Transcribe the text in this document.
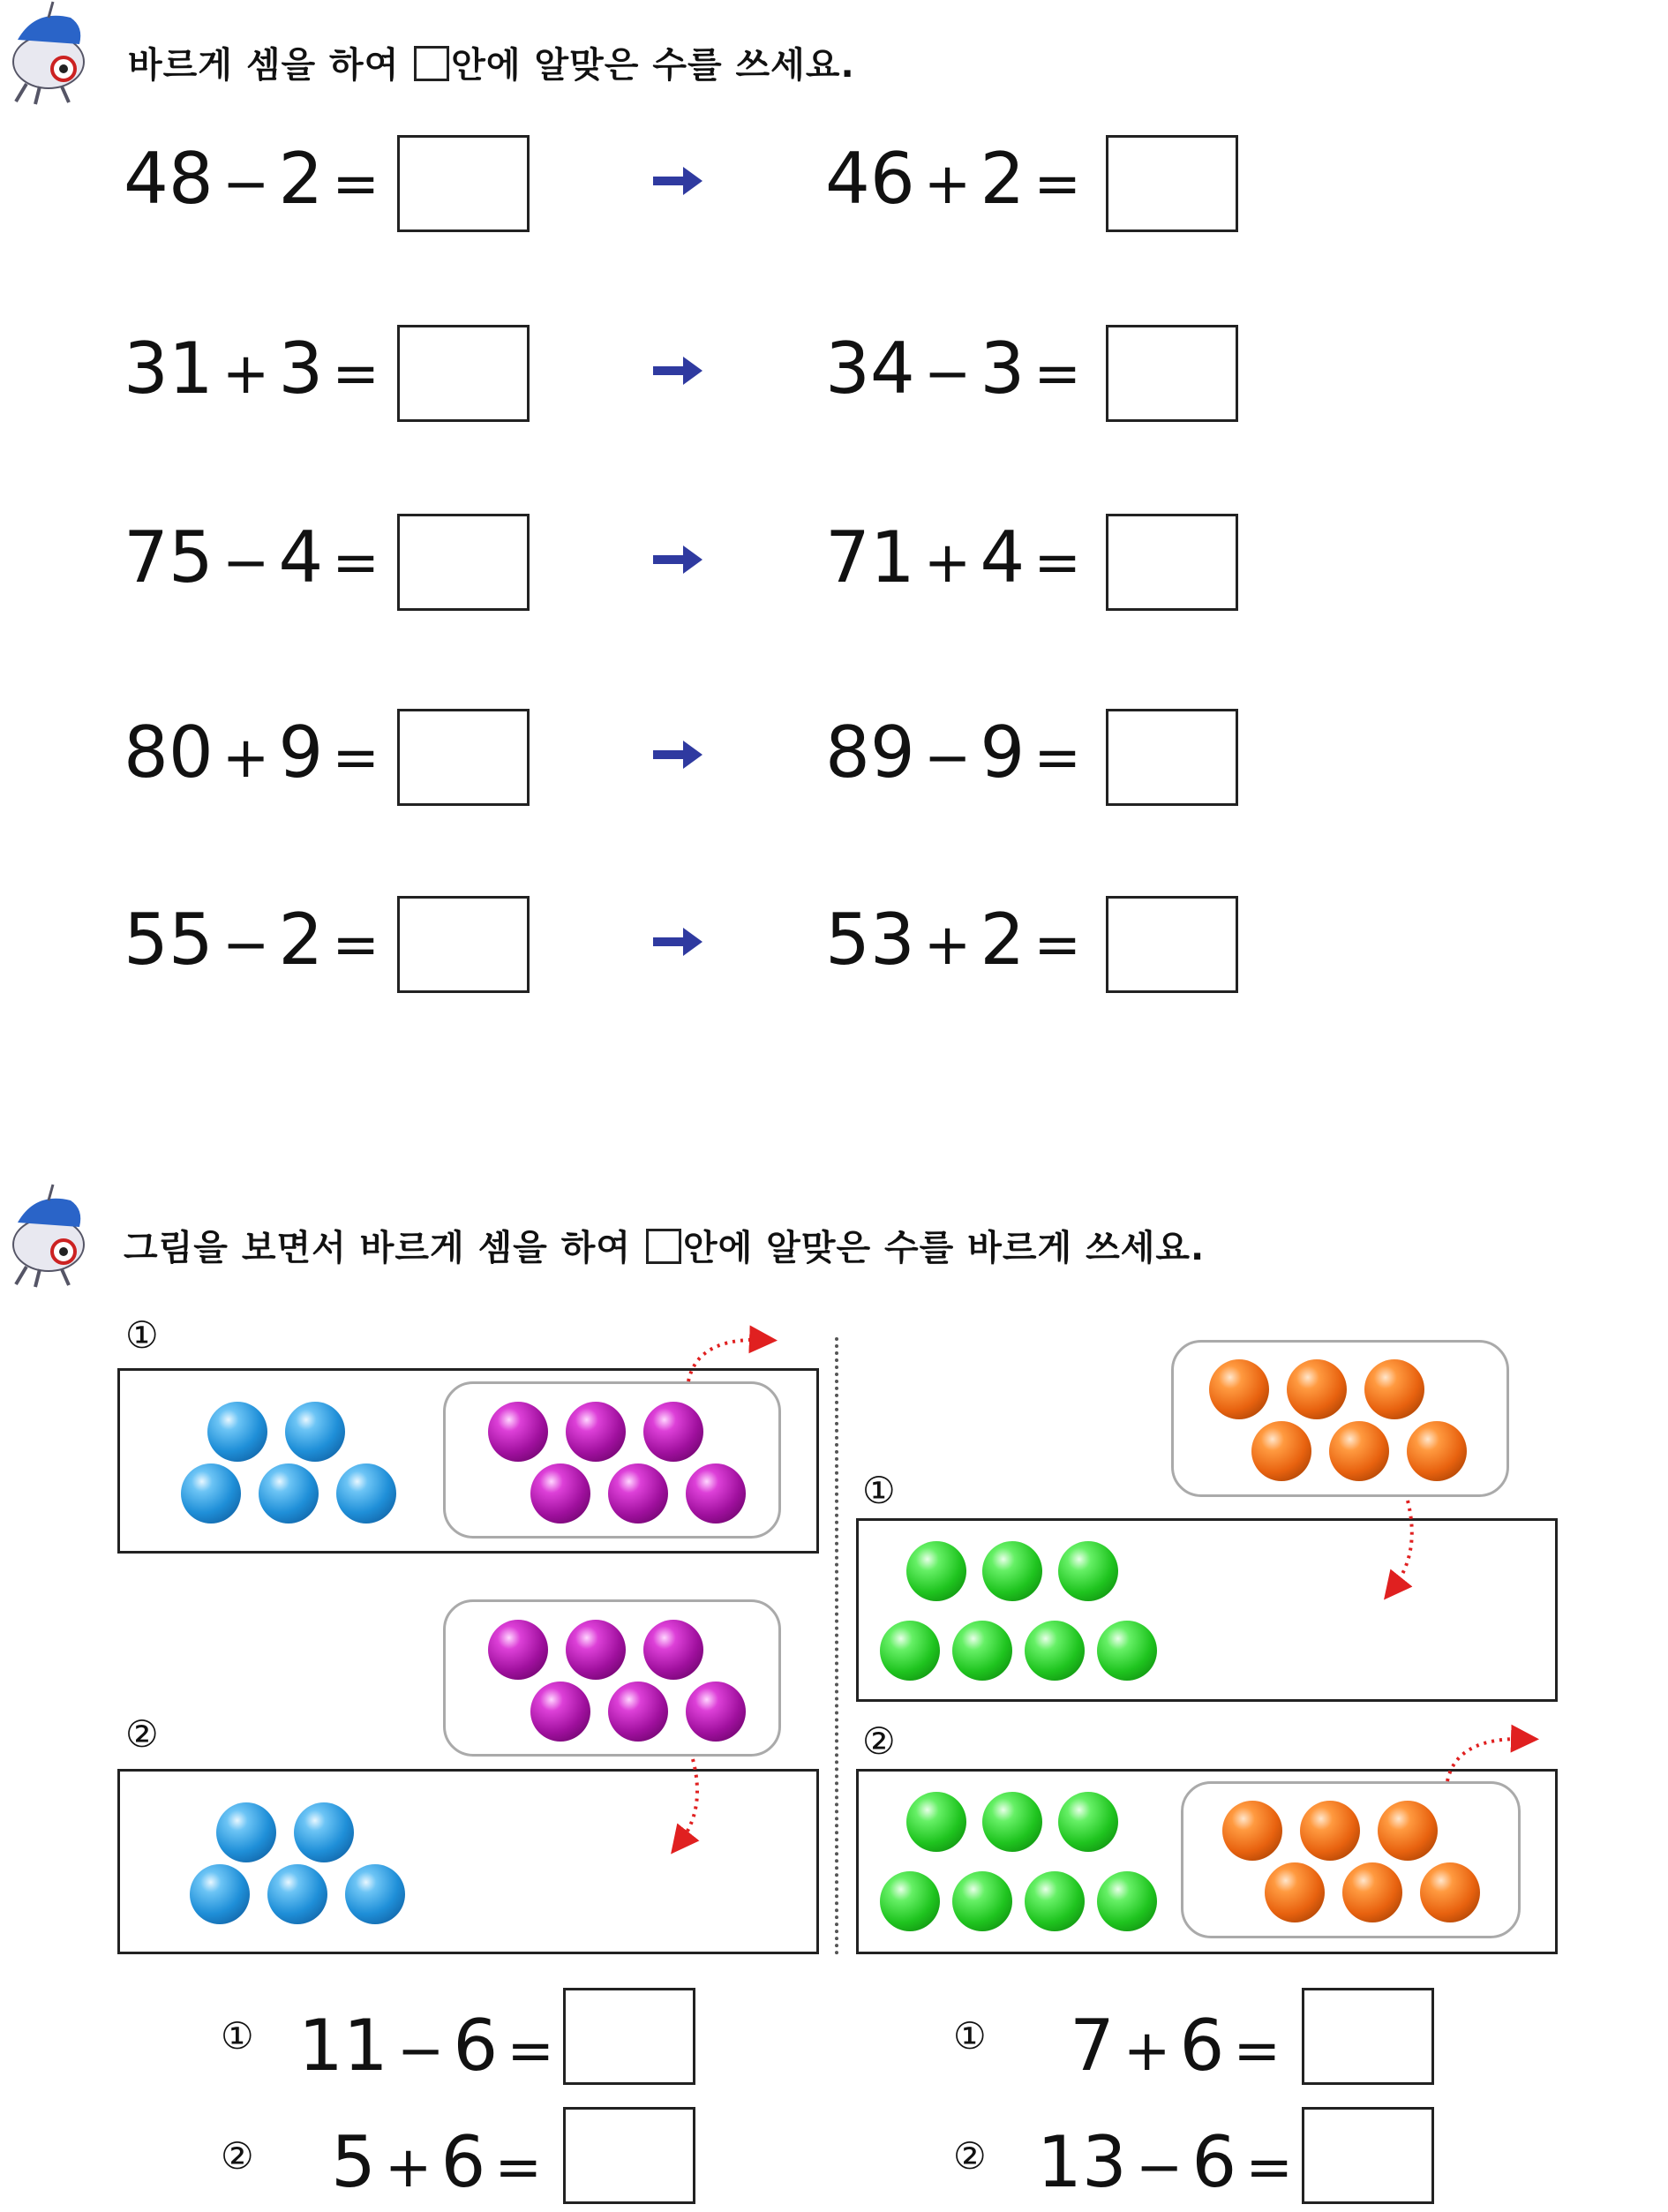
바르게 셈을 하여 안에 알맞은 수를 쓰세요.
48 − 2 =	46 + 2 =
31 + 3 =	34 − 3 =
75 − 4 =	71 + 4 =
80 + 9 =	89 − 9 =
55 − 2 =	53 + 2 =
그림을 보면서 바르게 셈을 하여 안에 알맞은 수를 바르게 쓰세요.
①
②
①
②
① 11 − 6 =
② 5 + 6 =
① 7 + 6 =
② 13 − 6 =
